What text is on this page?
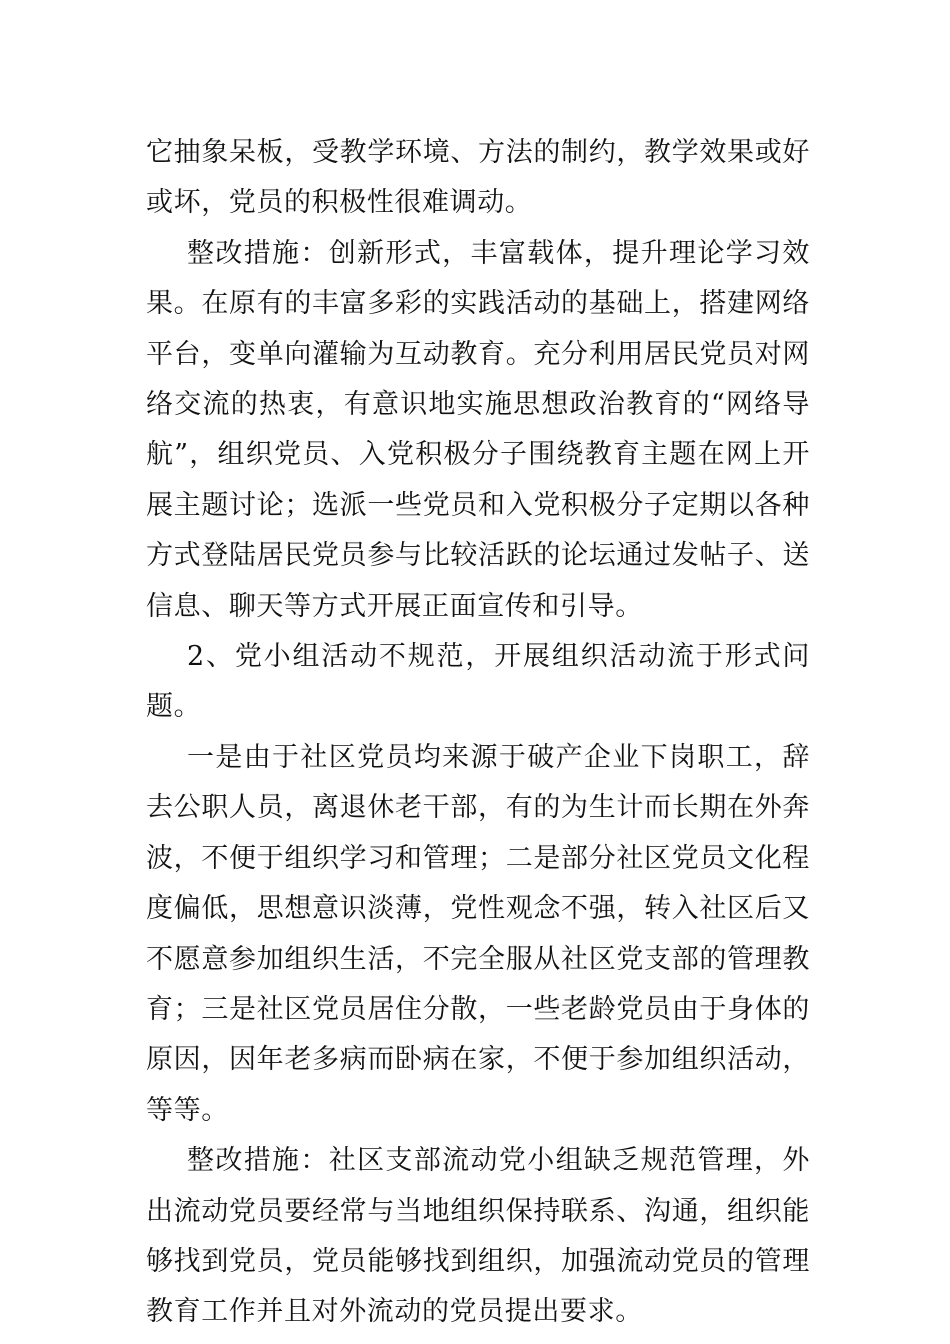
它抽象呆板，受教学环境、方法的制约，教学效果或好或坏，党员的积极性很难调动。

整改措施：创新形式，丰富载体，提升理论学习效果。在原有的丰富多彩的实践活动的基础上，搭建网络平台，变单向灌输为互动教育。充分利用居民党员对网络交流的热衷，有意识地实施思想政治教育的“网络导航”，组织党员、入党积极分子围绕教育主题在网上开展主题讨论；选派一些党员和入党积极分子定期以各种方式登陆居民党员参与比较活跃的论坛通过发帖子、送信息、聊天等方式开展正面宣传和引导。

2、党小组活动不规范，开展组织活动流于形式问题。

一是由于社区党员均来源于破产企业下岗职工，辞去公职人员，离退休老干部，有的为生计而长期在外奔波，不便于组织学习和管理；二是部分社区党员文化程度偏低，思想意识淡薄，党性观念不强，转入社区后又不愿意参加组织生活，不完全服从社区党支部的管理教育；三是社区党员居住分散，一些老龄党员由于身体的原因，因年老多病而卧病在家，不便于参加组织活动，等等。

整改措施：社区支部流动党小组缺乏规范管理，外出流动党员要经常与当地组织保持联系、沟通，组织能够找到党员，党员能够找到组织，加强流动党员的管理教育工作并且对外流动的党员提出要求。
